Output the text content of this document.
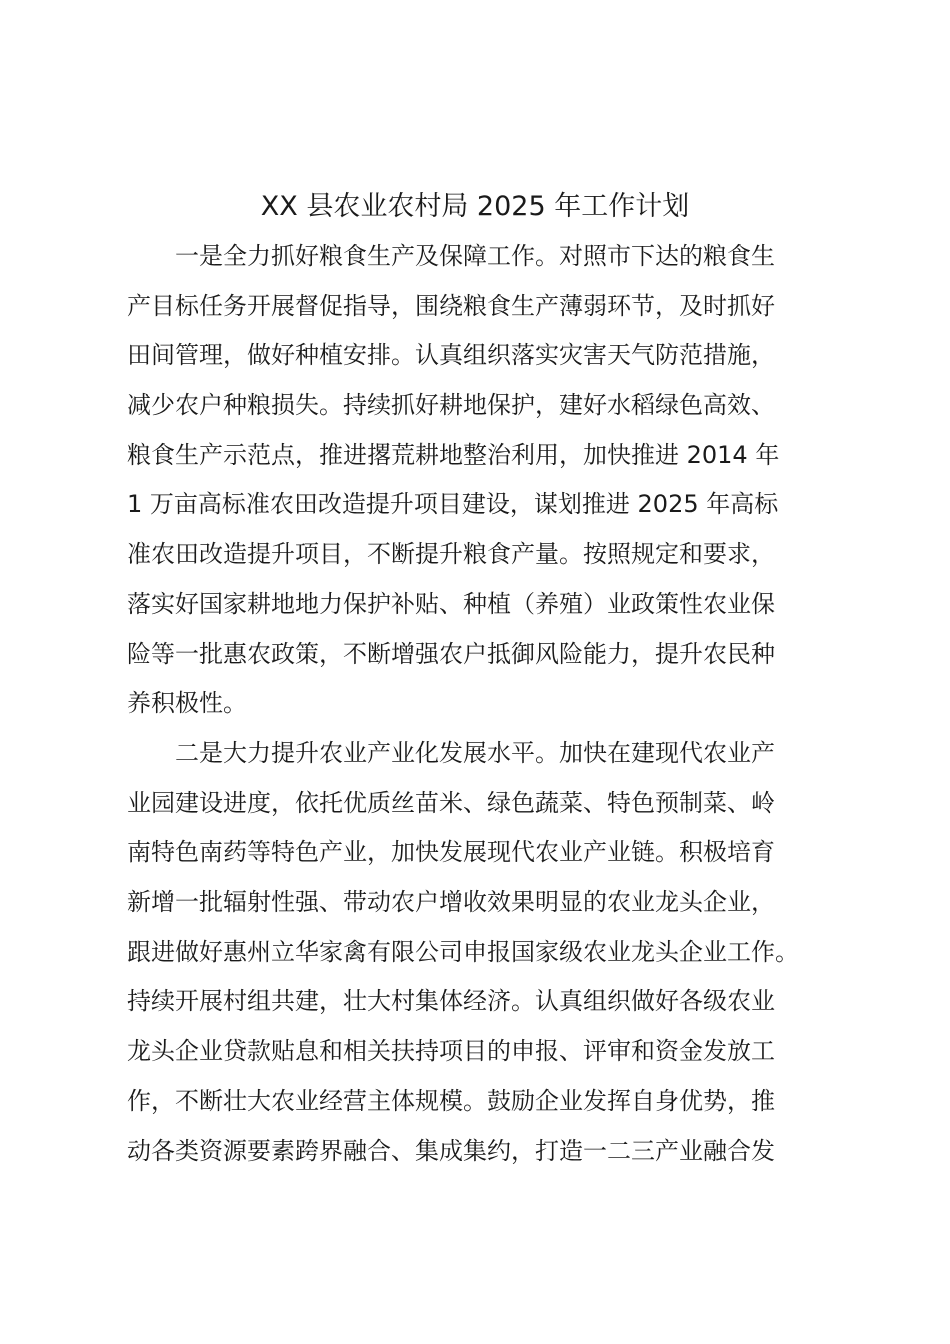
XX 县农业农村局 2025 年工作计划
一是全力抓好粮食生产及保障工作。对照市下达的粮食生
产目标任务开展督促指导，围绕粮食生产薄弱环节，及时抓好
田间管理，做好种植安排。认真组织落实灾害天气防范措施，
减少农户种粮损失。持续抓好耕地保护，建好水稻绿色高效、
粮食生产示范点，推进撂荒耕地整治利用，加快推进 2014 年
1 万亩高标准农田改造提升项目建设，谋划推进 2025 年高标
准农田改造提升项目，不断提升粮食产量。按照规定和要求，
落实好国家耕地地力保护补贴、种植（养殖）业政策性农业保
险等一批惠农政策，不断增强农户抵御风险能力，提升农民种
养积极性。
二是大力提升农业产业化发展水平。加快在建现代农业产
业园建设进度，依托优质丝苗米、绿色蔬菜、特色预制菜、岭
南特色南药等特色产业，加快发展现代农业产业链。积极培育
新增一批辐射性强、带动农户增收效果明显的农业龙头企业，
跟进做好惠州立华家禽有限公司申报国家级农业龙头企业工作。
持续开展村组共建，壮大村集体经济。认真组织做好各级农业
龙头企业贷款贴息和相关扶持项目的申报、评审和资金发放工
作，不断壮大农业经营主体规模。鼓励企业发挥自身优势，推
动各类资源要素跨界融合、集成集约，打造一二三产业融合发
